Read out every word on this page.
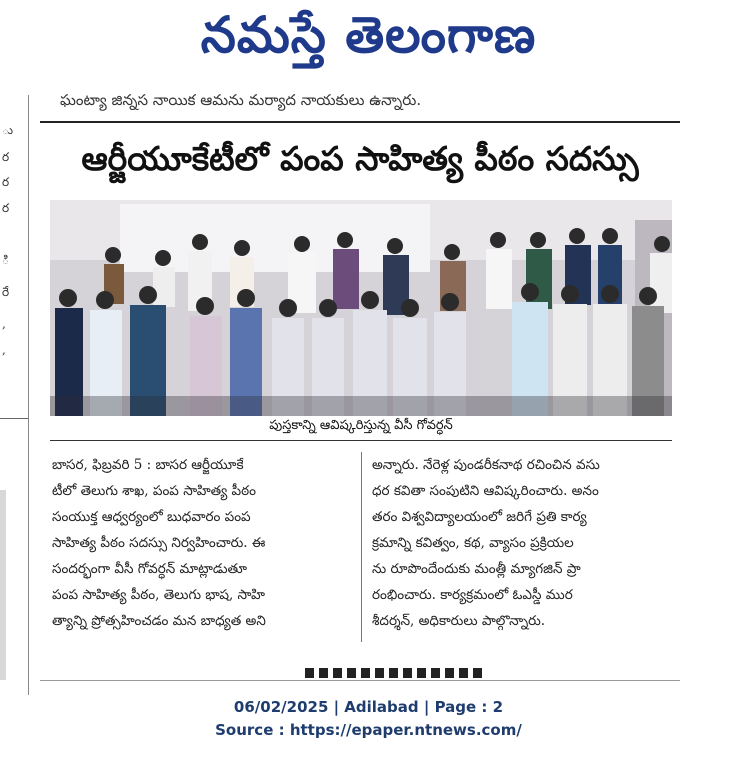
నమస్తే తెలంగాణ
ు
ర
ర
ర
ి
రే
,
,
ఘంట్యా జిన్నస నాయిక ఆమను మర్యాద నాయకులు ఉన్నారు.
ఆర్జీయూకేటీలో పంప సాహిత్య పీఠం సదస్సు
పుస్తకాన్ని ఆవిష్కరిస్తున్న వీసీ గోవర్ధన్
బాసర, ఫిబ్రవరి 5 : బాసర ఆర్జీయూకే
టీలో తెలుగు శాఖ, పంప సాహిత్య పీఠం
సంయుక్త ఆధ్వర్యంలో బుధవారం పంప
సాహిత్య పీఠం సదస్సు నిర్వహించారు. ఈ
సందర్భంగా వీసీ గోవర్ధన్ మాట్లాడుతూ
పంప సాహిత్య పీఠం, తెలుగు భాష, సాహి
త్యాన్ని ప్రోత్సహించడం మన బాధ్యత అని
అన్నారు. నేరెళ్ల పుండరీకనాథ రచించిన వసు
ధర కవితా సంపుటిని ఆవిష్కరించారు. అనం
తరం విశ్వవిద్యాలయంలో జరిగే ప్రతి కార్య
క్రమాన్ని కవిత్వం, కథ, వ్యాసం ప్రక్రియల
ను రూపొందేందుకు మంత్లీ మ్యాగజిన్ ప్రా
రంభించారు. కార్యక్రమంలో ఓఎస్డీ ముర
శీదర్శన్, అధికారులు పాల్గొన్నారు.
06/02/2025 | Adilabad | Page : 2
Source : https://epaper.ntnews.com/
